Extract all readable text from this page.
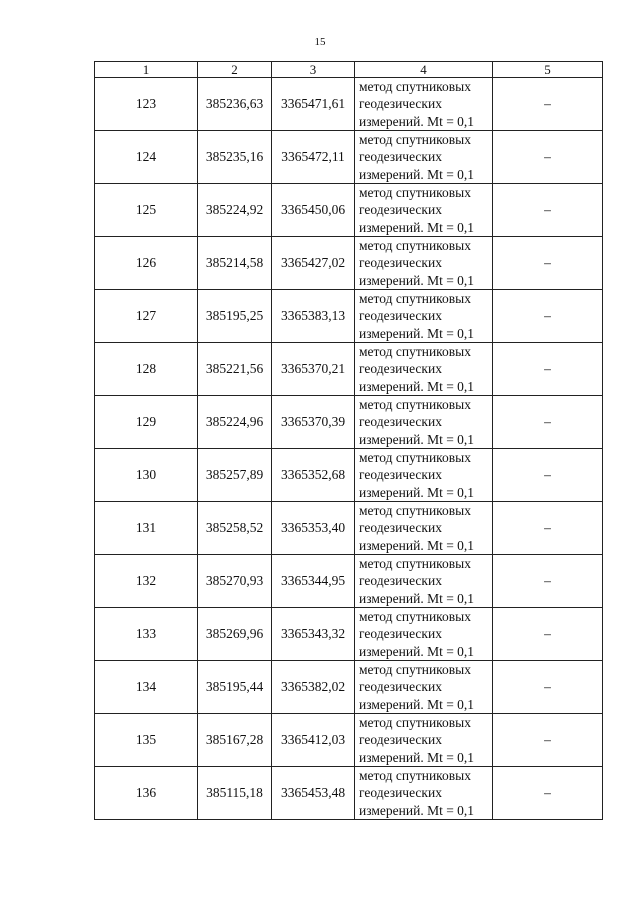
15
1	2	3	4	5
123	385236,63	3365471,61	метод спутниковых
геодезических
измерений. Mt = 0,1	–
124	385235,16	3365472,11	метод спутниковых
геодезических
измерений. Mt = 0,1	–
125	385224,92	3365450,06	метод спутниковых
геодезических
измерений. Mt = 0,1	–
126	385214,58	3365427,02	метод спутниковых
геодезических
измерений. Mt = 0,1	–
127	385195,25	3365383,13	метод спутниковых
геодезических
измерений. Mt = 0,1	–
128	385221,56	3365370,21	метод спутниковых
геодезических
измерений. Mt = 0,1	–
129	385224,96	3365370,39	метод спутниковых
геодезических
измерений. Mt = 0,1	–
130	385257,89	3365352,68	метод спутниковых
геодезических
измерений. Mt = 0,1	–
131	385258,52	3365353,40	метод спутниковых
геодезических
измерений. Mt = 0,1	–
132	385270,93	3365344,95	метод спутниковых
геодезических
измерений. Mt = 0,1	–
133	385269,96	3365343,32	метод спутниковых
геодезических
измерений. Mt = 0,1	–
134	385195,44	3365382,02	метод спутниковых
геодезических
измерений. Mt = 0,1	–
135	385167,28	3365412,03	метод спутниковых
геодезических
измерений. Mt = 0,1	–
136	385115,18	3365453,48	метод спутниковых
геодезических
измерений. Mt = 0,1	–
